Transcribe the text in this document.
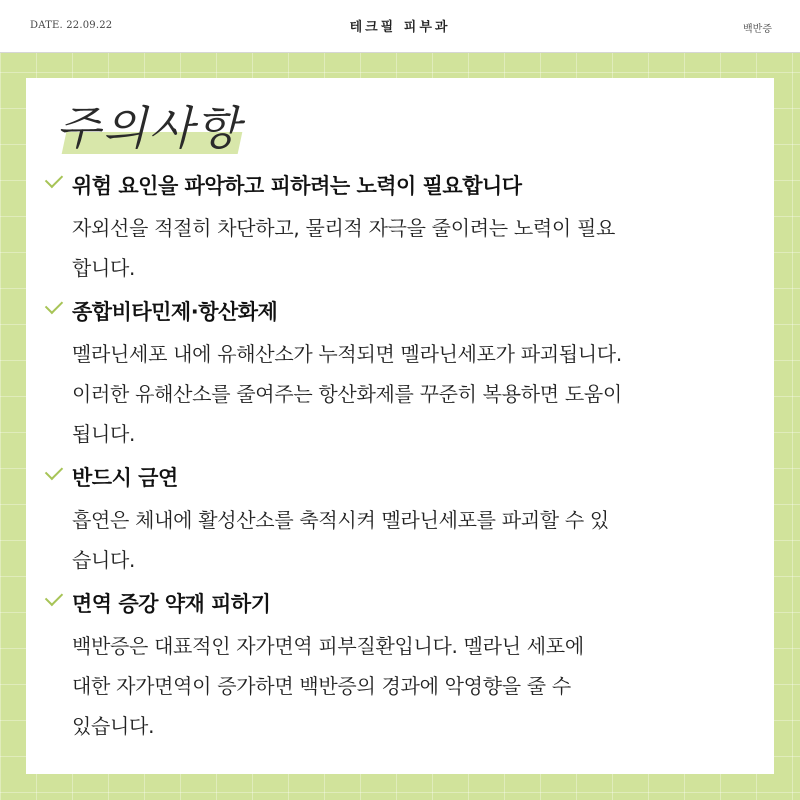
DATE. 22.09.22	테크필 피부과	백반증
주의사항
위험 요인을 파악하고 피하려는 노력이 필요합니다
자외선을 적절히 차단하고, 물리적 자극을 줄이려는 노력이 필요
합니다.
종합비타민제·항산화제
멜라닌세포 내에 유해산소가 누적되면 멜라닌세포가 파괴됩니다.
이러한 유해산소를 줄여주는 항산화제를 꾸준히 복용하면 도움이
됩니다.
반드시 금연
흡연은 체내에 활성산소를 축적시켜 멜라닌세포를 파괴할 수 있
습니다.
면역 증강 약재 피하기
백반증은 대표적인 자가면역 피부질환입니다. 멜라닌 세포에
대한 자가면역이 증가하면 백반증의 경과에 악영향을 줄 수
있습니다.
